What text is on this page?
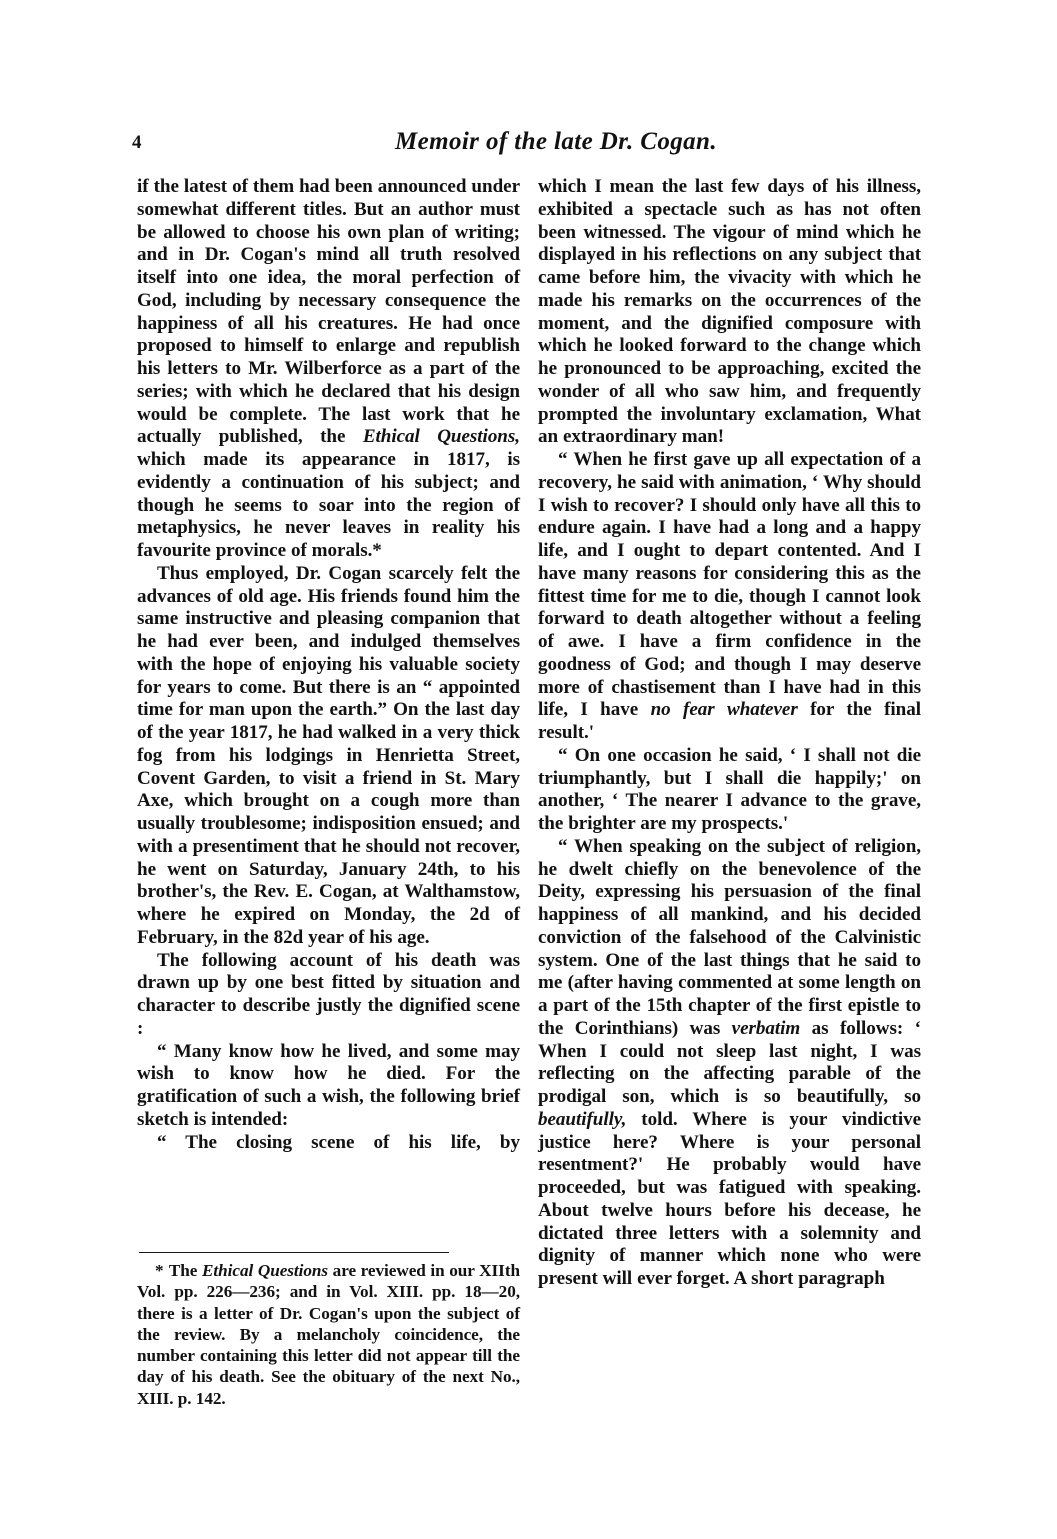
4	Memoir of the late Dr. Cogan.

if the latest of them had been announced under somewhat different titles. But an author must be allowed to choose his own plan of writing; and in Dr. Cogan's mind all truth resolved itself into one idea, the moral perfection of God, including by necessary consequence the happiness of all his creatures. He had once proposed to himself to enlarge and republish his letters to Mr. Wilberforce as a part of the series; with which he declared that his design would be complete. The last work that he actually published, the Ethical Questions, which made its appearance in 1817, is evidently a continuation of his subject; and though he seems to soar into the region of metaphysics, he never leaves in reality his favourite province of morals.*

Thus employed, Dr. Cogan scarcely felt the advances of old age. His friends found him the same instructive and pleasing companion that he had ever been, and indulged themselves with the hope of enjoying his valuable society for years to come. But there is an “ appointed time for man upon the earth.” On the last day of the year 1817, he had walked in a very thick fog from his lodgings in Henrietta Street, Covent Garden, to visit a friend in St. Mary Axe, which brought on a cough more than usually troublesome; indisposition ensued; and with a presentiment that he should not recover, he went on Saturday, January 24th, to his brother's, the Rev. E. Cogan, at Walthamstow, where he expired on Monday, the 2d of February, in the 82d year of his age.

The following account of his death was drawn up by one best fitted by situation and character to describe justly the dignified scene :

“ Many know how he lived, and some may wish to know how he died. For the gratification of such a wish, the following brief sketch is intended:

“ The closing scene of his life, by

which I mean the last few days of his illness, exhibited a spectacle such as has not often been witnessed. The vigour of mind which he displayed in his reflections on any subject that came before him, the vivacity with which he made his remarks on the occurrences of the moment, and the dignified composure with which he looked forward to the change which he pronounced to be approaching, excited the wonder of all who saw him, and frequently prompted the involuntary exclamation, What an extraordinary man!

“ When he first gave up all expectation of a recovery, he said with animation, ‘ Why should I wish to recover? I should only have all this to endure again. I have had a long and a happy life, and I ought to depart contented. And I have many reasons for considering this as the fittest time for me to die, though I cannot look forward to death altogether without a feeling of awe. I have a firm confidence in the goodness of God; and though I may deserve more of chastisement than I have had in this life, I have no fear whatever for the final result.'

“ On one occasion he said, ‘ I shall not die triumphantly, but I shall die happily;' on another, ‘ The nearer I advance to the grave, the brighter are my prospects.'

“ When speaking on the subject of religion, he dwelt chiefly on the benevolence of the Deity, expressing his persuasion of the final happiness of all mankind, and his decided conviction of the falsehood of the Calvinistic system. One of the last things that he said to me (after having commented at some length on a part of the 15th chapter of the first epistle to the Corinthians) was verbatim as follows: ‘ When I could not sleep last night, I was reflecting on the affecting parable of the prodigal son, which is so beautifully, so beautifully, told. Where is your vindictive justice here? Where is your personal resentment?' He probably would have proceeded, but was fatigued with speaking. About twelve hours before his decease, he dictated three letters with a solemnity and dignity of manner which none who were present will ever forget. A short paragraph

* The Ethical Questions are reviewed in our XIIth Vol. pp. 226—236; and in Vol. XIII. pp. 18—20, there is a letter of Dr. Cogan's upon the subject of the review. By a melancholy coincidence, the number containing this letter did not appear till the day of his death. See the obituary of the next No., XIII. p. 142.
